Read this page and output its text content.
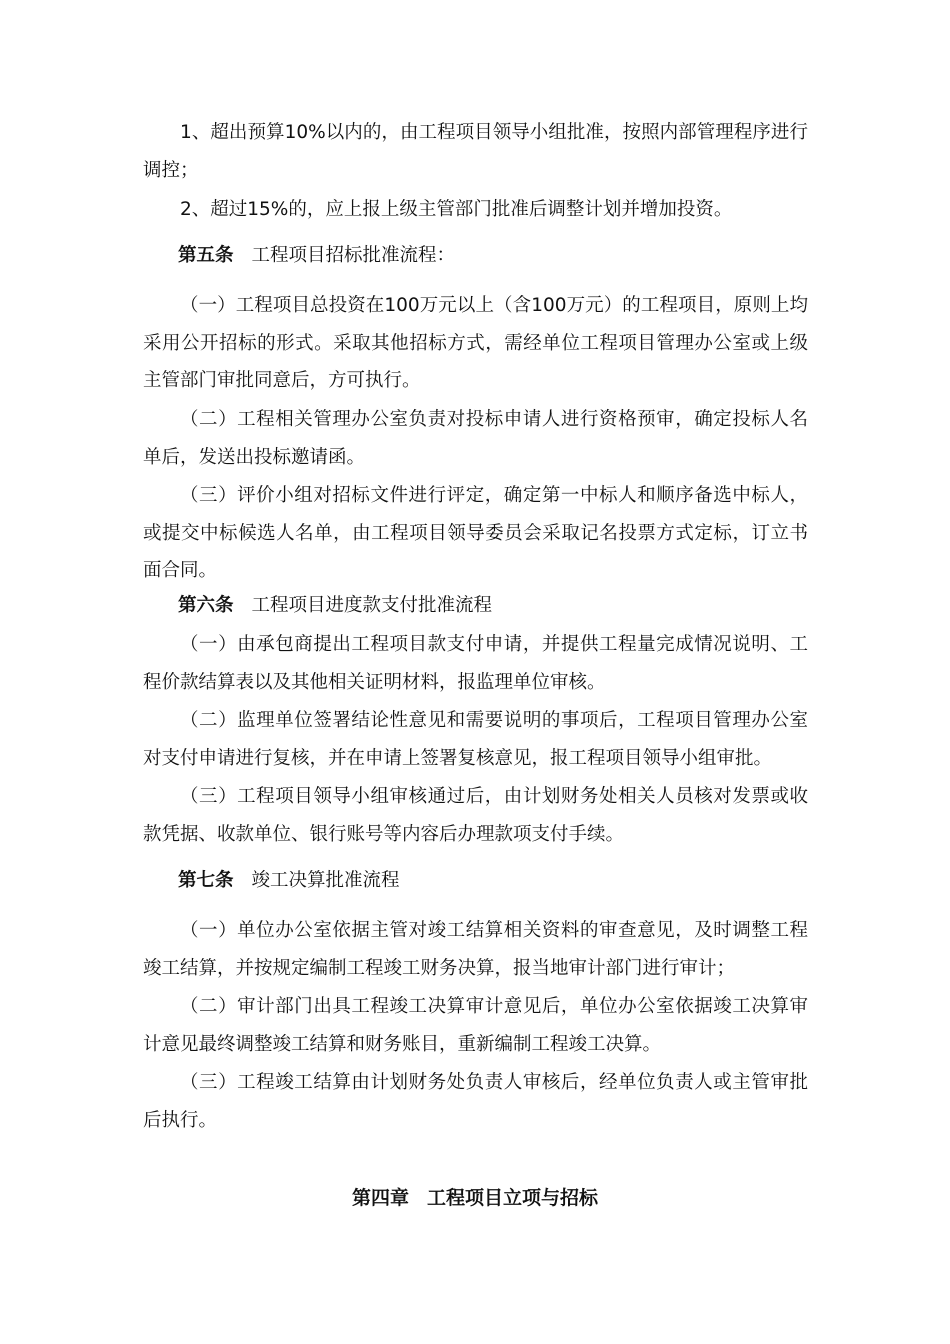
1、超出预算10%以内的，由工程项目领导小组批准，按照内部管理程序进行调控；

2、超过15%的，应上报上级主管部门批准后调整计划并增加投资。

第五条 工程项目招标批准流程：

（一）工程项目总投资在100万元以上（含100万元）的工程项目，原则上均采用公开招标的形式。采取其他招标方式，需经单位工程项目管理办公室或上级主管部门审批同意后，方可执行。

（二）工程相关管理办公室负责对投标申请人进行资格预审，确定投标人名单后，发送出投标邀请函。

（三）评价小组对招标文件进行评定，确定第一中标人和顺序备选中标人，或提交中标候选人名单，由工程项目领导委员会采取记名投票方式定标，订立书面合同。

第六条 工程项目进度款支付批准流程

（一）由承包商提出工程项目款支付申请，并提供工程量完成情况说明、工程价款结算表以及其他相关证明材料，报监理单位审核。

（二）监理单位签署结论性意见和需要说明的事项后，工程项目管理办公室对支付申请进行复核，并在申请上签署复核意见，报工程项目领导小组审批。

（三）工程项目领导小组审核通过后，由计划财务处相关人员核对发票或收款凭据、收款单位、银行账号等内容后办理款项支付手续。

第七条 竣工决算批准流程

（一）单位办公室依据主管对竣工结算相关资料的审查意见，及时调整工程竣工结算，并按规定编制工程竣工财务决算，报当地审计部门进行审计；

（二）审计部门出具工程竣工决算审计意见后，单位办公室依据竣工决算审计意见最终调整竣工结算和财务账目，重新编制工程竣工决算。

（三）工程竣工结算由计划财务处负责人审核后，经单位负责人或主管审批后执行。

第四章 工程项目立项与招标
